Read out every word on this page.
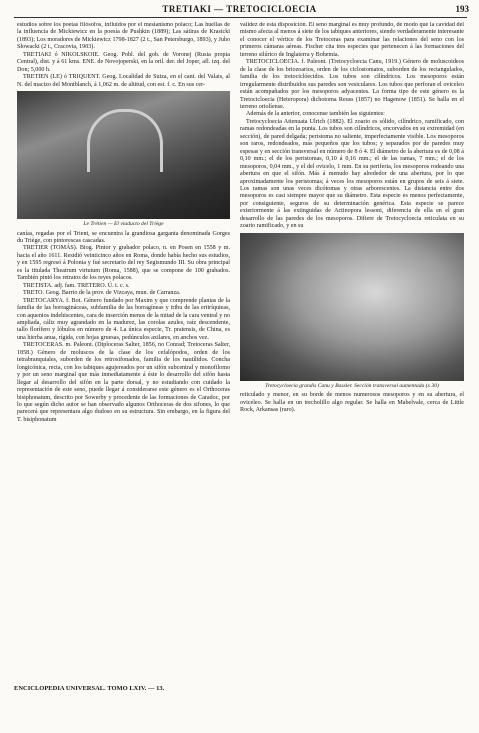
TRETIAKI — TRETOCICLOECIA	193

estudios sobre los poetas filósofos, influidos por el mesianismo polaco; Las huellas de la influencia de Mickiewicz en la poesía de Pushkin (1889); Las sátiras de Krasicki (1893); Los moradores de Mickiewicz 1798-1827 (2 t., San Petersburgo, 1893), y Juho Słowacki (2 t., Cracovia, 1903).

TRETIAKI ó NIKOLSKOIE. Geog. Pobl. del gob. de Voronej (Rusia propia Central), dist. y á 61 kms. ENE. de Novojoperski, en la oril. der. del Joper, afl. izq. del Don; 5,000 h.

TRETIEN (LE) ó TRIQUENT. Geog. Localidad de Suiza, en el cant. del Valais, al N. del macizo del Montblanch, á 1,062 m. de altitud, con est. f. c. En sus cer-

Le Trétien — El viaducto del Triège

canías, regadas por el Trient, se encuentra la grandiosa garganta denominada Gorges du Triège, con pintorescas cascadas.

TRETIER (TOMÁS). Biog. Pintor y grabador polaco, n. en Posen en 1558 y m. hacia el año 1611. Residió veinticinco años en Roma, donde había hecho sus estudios, y en 1595 regresó á Polonia y fué secretario del rey Segismundo III. Su obra principal es la titulada Theatrum virtutum (Roma, 1588), que se compone de 100 grabados. También pintó los retratos de los reyes polacos.

TRETISTA. adj. fam. TRETERO. Ú. t. c. s.

TRETO. Geog. Barrio de la prov. de Vizcaya, mun. de Carranza.

TRETOCARYA. f. Bot. Género fundado por Maxim y que comprende plantas de la familia de las borragináceas, subfamilia de las borragíneas y tribu de las eritríquieas, con aquenios indehiscentes, cara de inserción menos de la mitad de la cara ventral y no ampliada, cáliz muy agrandado en la madurez, las corolas azules, raíz descendente, tallo florífero y lóbulos en número de 4. La única especie, Tr. pratensis, de China, es una hierba anua, rígida, con hojas gruesas, pedúnculos axilares, en anchos vez.

TRETOCERAS. m. Paleont. (Diploceras Salter, 1856, no Conrad; Tretoceras Salter, 1858.) Género de moluscos de la clase de los cefalópodos, orden de los tetrabranquiales, suborden de los retrosifonados, familia de los nautílidos. Concha longicónica, recta, con los tabiques agujereados por un sifón subcentral y monofilomo y por un seno marginal que más inmediatamente á éste lo desarrollo del sifón hasta llegar al desarrollo del sifón en la parte dorsal, y no estudiando con cuidado la representación de este seno, puede llegar á considerarse este género es el Orthoceras bisiphonatum, descrito por Sowerby y procedente de las formaciones de Caradoc, por lo que según dicho autor se han observado algunos Orthoceras de dos sifones, lo que parecerá que representara algo dudoso en su estructura. Sin embargo, en la figura del T. bisiphonatum

validez de esta disposición. El seno marginal es muy profundo, de modo que la cavidad del mismo afecta al menos á siete de los tabiques anteriores, siendo verdaderamente interesante el conocer el vértice de los Tretoceras para examinar las relaciones del seno con los primeros cámaras aéreas. Fischer cita tres especies que pertenecen á las formaciones del terreno silúrico de Inglaterra y Bohemia.

TRETOCICLOECIA. f. Paleont. (Tretocycloecia Canu, 1919.) Género de moluscoideos de la clase de los briozoarios, orden de los ciclostomatos, suborden de los rectangulados, familia de los tretociclóecidos. Los tubos son cilíndricos. Los mesoporos están irregularmente distribuidos sus paredes son vesiculares. Los tubos que perforan el oviceleo están acompañados por los mesoporos adyacentes. La forma tipo de este género es la Tretocicloecia (Heteropora) dichotoma Reuss (1857) no Hagenow (1851). Se halla en el terreno oriolíense.

Además de la anterior, conocense también las siguientes:

Tretocycloecia Attenuata Ulrich (1882). El zoario es sólido, cilíndrico, ramificado, con ramas redondeadas en la punta. Los tubos son cilíndricos, encorvados en su extremidad (en sección), de pared delgada; peristoma no saliente, imperfectamente visible. Los mesoporos son raros, redondeados, más pequeños que los tubos; y separados por de paredes muy espesas y en sección transversal en número de 8 ó 4. El diámetro de la abertura es de 0,08 á 0,10 mm.; el de los peristomas, 0,10 á 0,16 mm.; el de las ramas, 7 mm.; el de los mesoporos, 0,04 mm., y el del ovicelo, 1 mm. En su periferia, los mesoporos rodeando una abertura en que el sifón. Más á menudo hay alrededor de una abertura, por lo que aproximadamente los peristomas; á veces los mesoporos están en grupos de seis á siete. Los ramas son unas veces dicótomas y otras arborescentes. La distancia entre dos mesoporos es casi siempre mayor que su diámetro. Esta especie es menos perfectamente, por consiguiente, seguros de su determinación genérica. Esta especie se parece exteriormente á las extinguidas de Actinopora lessoni, diferencia de ella en el gran desarrollo de las paredes de los mesoporos. Difiere de Tretocycloecia reticulata en su zoario ramificado, y en su

Tretocycloecia grandis Canu y Bassler. Sección transversal aumentada (x 30)

reticulado y menor, en su borde de menos numerosos mesoporos y en su abertura, el oviceleo. Se halla en un trecholillo algo regular. Se halla en Mabelvale, cerca de Little Rock, Arkansas (raro).

ENCICLOPEDIA UNIVERSAL. TOMO LXIV. — 13.
